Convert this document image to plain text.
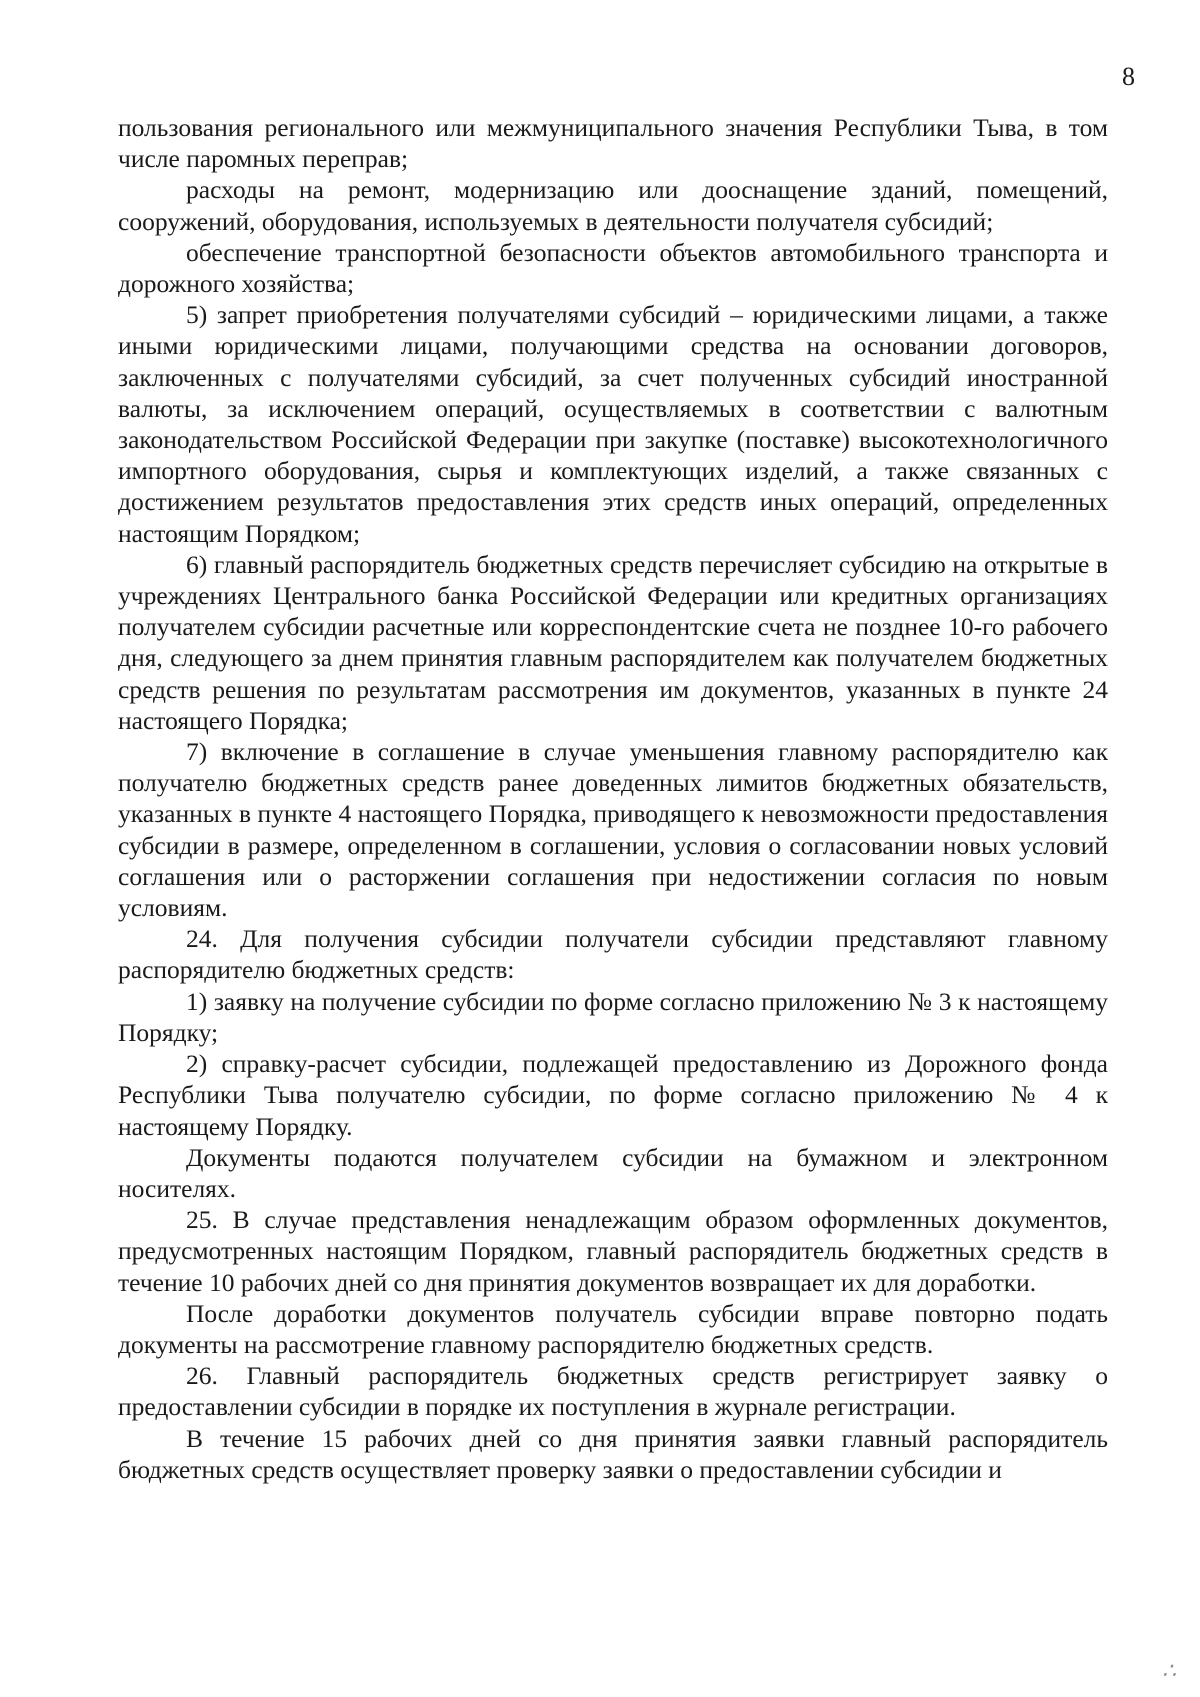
8

пользования регионального или межмуниципального значения Республики Тыва, в том числе паромных переправ;

расходы на ремонт, модернизацию или дооснащение зданий, помещений, сооружений, оборудования, используемых в деятельности получателя субсидий;

обеспечение транспортной безопасности объектов автомобильного транспорта и дорожного хозяйства;

5) запрет приобретения получателями субсидий – юридическими лицами, а также иными юридическими лицами, получающими средства на основании договоров, заключенных с получателями субсидий, за счет полученных субсидий иностранной валюты, за исключением операций, осуществляемых в соответствии с валютным законодательством Российской Федерации при закупке (поставке) высокотехнологичного импортного оборудования, сырья и комплектующих изделий, а также связанных с достижением результатов предоставления этих средств иных операций, определенных настоящим Порядком;

6) главный распорядитель бюджетных средств перечисляет субсидию на открытые в учреждениях Центрального банка Российской Федерации или кредитных организациях получателем субсидии расчетные или корреспондентские счета не позднее 10-го рабочего дня, следующего за днем принятия главным распорядителем как получателем бюджетных средств решения по результатам рассмотрения им документов, указанных в пункте 24 настоящего Порядка;

7) включение в соглашение в случае уменьшения главному распорядителю как получателю бюджетных средств ранее доведенных лимитов бюджетных обязательств, указанных в пункте 4 настоящего Порядка, приводящего к невозможности предоставления субсидии в размере, определенном в соглашении, условия о согласовании новых условий соглашения или о расторжении соглашения при недостижении согласия по новым условиям.

24. Для получения субсидии получатели субсидии представляют главному распорядителю бюджетных средств:

1) заявку на получение субсидии по форме согласно приложению № 3 к настоящему Порядку;

2) справку-расчет субсидии, подлежащей предоставлению из Дорожного фонда Республики Тыва получателю субсидии, по форме согласно приложению № 4 к настоящему Порядку.

Документы подаются получателем субсидии на бумажном и электронном носителях.

25. В случае представления ненадлежащим образом оформленных документов, предусмотренных настоящим Порядком, главный распорядитель бюджетных средств в течение 10 рабочих дней со дня принятия документов возвращает их для доработки.

После доработки документов получатель субсидии вправе повторно подать документы на рассмотрение главному распорядителю бюджетных средств.

26. Главный распорядитель бюджетных средств регистрирует заявку о предоставлении субсидии в порядке их поступления в журнале регистрации.

В течение 15 рабочих дней со дня принятия заявки главный распорядитель бюджетных средств осуществляет проверку заявки о предоставлении субсидии и

∴
